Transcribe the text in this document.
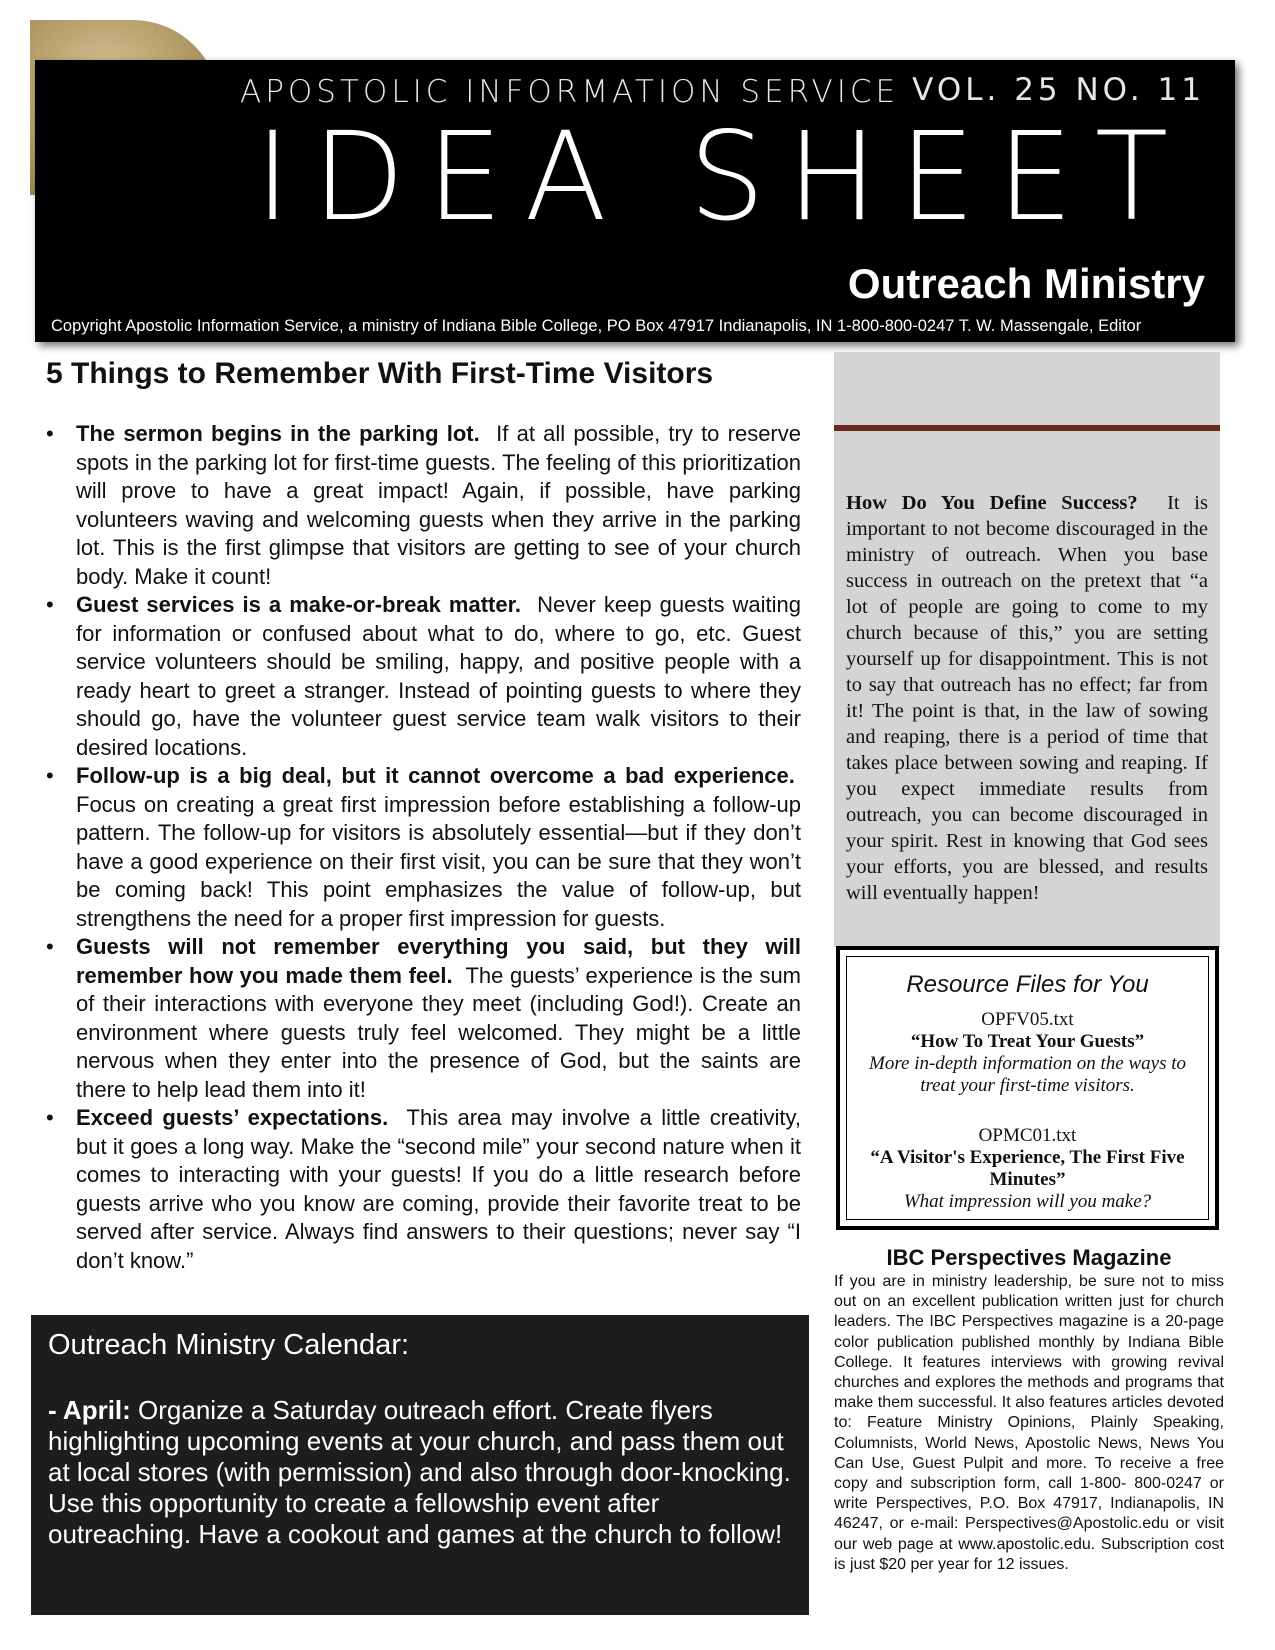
APOSTOLIC INFORMATION SERVICE VOL. 25 NO. 11
IDEA SHEET
Outreach Ministry
Copyright Apostolic Information Service, a ministry of Indiana Bible College, PO Box 47917 Indianapolis, IN 1-800-800-0247 T. W. Massengale, Editor
5 Things to Remember With First-Time Visitors
• The sermon begins in the parking lot. If at all possible, try to reserve spots in the parking lot for first-time guests. The feeling of this prioritization will prove to have a great impact! Again, if possible, have parking volunteers waving and welcoming guests when they arrive in the parking lot. This is the first glimpse that visitors are getting to see of your church body. Make it count!
• Guest services is a make-or-break matter. Never keep guests waiting for information or confused about what to do, where to go, etc. Guest service volunteers should be smiling, happy, and positive people with a ready heart to greet a stranger. Instead of pointing guests to where they should go, have the volunteer guest service team walk visitors to their desired locations.
• Follow-up is a big deal, but it cannot overcome a bad experience.  Focus on creating a great first impression before establishing a follow-up pattern. The follow-up for visitors is absolutely essential—but if they don’t have a good experience on their first visit, you can be sure that they won’t be coming back! This point emphasizes the value of follow-up, but strengthens the need for a proper first impression for guests.
• Guests will not remember everything you said, but they will remember how you made them feel. The guests’ experience is the sum of their interactions with everyone they meet (including God!). Create an environment where guests truly feel welcomed. They might be a little nervous when they enter into the presence of God, but the saints are there to help lead them into it!
• Exceed guests’ expectations. This area may involve a little creativity, but it goes a long way. Make the “second mile” your second nature when it comes to interacting with your guests! If you do a little research before guests arrive who you know are coming, provide their favorite treat to be served after service. Always find answers to their questions; never say “I don’t know.”
Outreach Ministry Calendar:
- April: Organize a Saturday outreach effort. Create flyers highlighting upcoming events at your church, and pass them out at local stores (with permission) and also through door-knocking. Use this opportunity to create a fellowship event after outreaching. Have a cookout and games at the church to follow!
How Do You Define Success? It is important to not become discouraged in the ministry of outreach. When you base success in outreach on the pretext that “a lot of people are going to come to my church because of this,” you are setting yourself up for disappointment. This is not to say that outreach has no effect; far from it! The point is that, in the law of sowing and reaping, there is a period of time that takes place between sowing and reaping. If you expect immediate results from outreach, you can become discouraged in your spirit. Rest in knowing that God sees your efforts, you are blessed, and results will eventually happen!
Resource Files for You
OPFV05.txt
“How To Treat Your Guests”
More in-depth information on the ways to treat your first-time visitors.
OPMC01.txt
“A Visitor's Experience, The First Five Minutes”
What impression will you make?
IBC Perspectives Magazine
If you are in ministry leadership, be sure not to miss out on an excellent publication written just for church leaders. The IBC Perspectives magazine is a 20-page color publication published monthly by Indiana Bible College. It features interviews with growing revival churches and explores the methods and programs that make them successful. It also features articles devoted to: Feature Ministry Opinions, Plainly Speaking, Columnists, World News, Apostolic News, News You Can Use, Guest Pulpit and more. To receive a free copy and subscription form, call 1-800- 800-0247 or write Perspectives, P.O. Box 47917, Indianapolis, IN 46247, or e-mail: Perspectives@Apostolic.edu or visit our web page at www.apostolic.edu. Subscription cost is just $20 per year for 12 issues.
